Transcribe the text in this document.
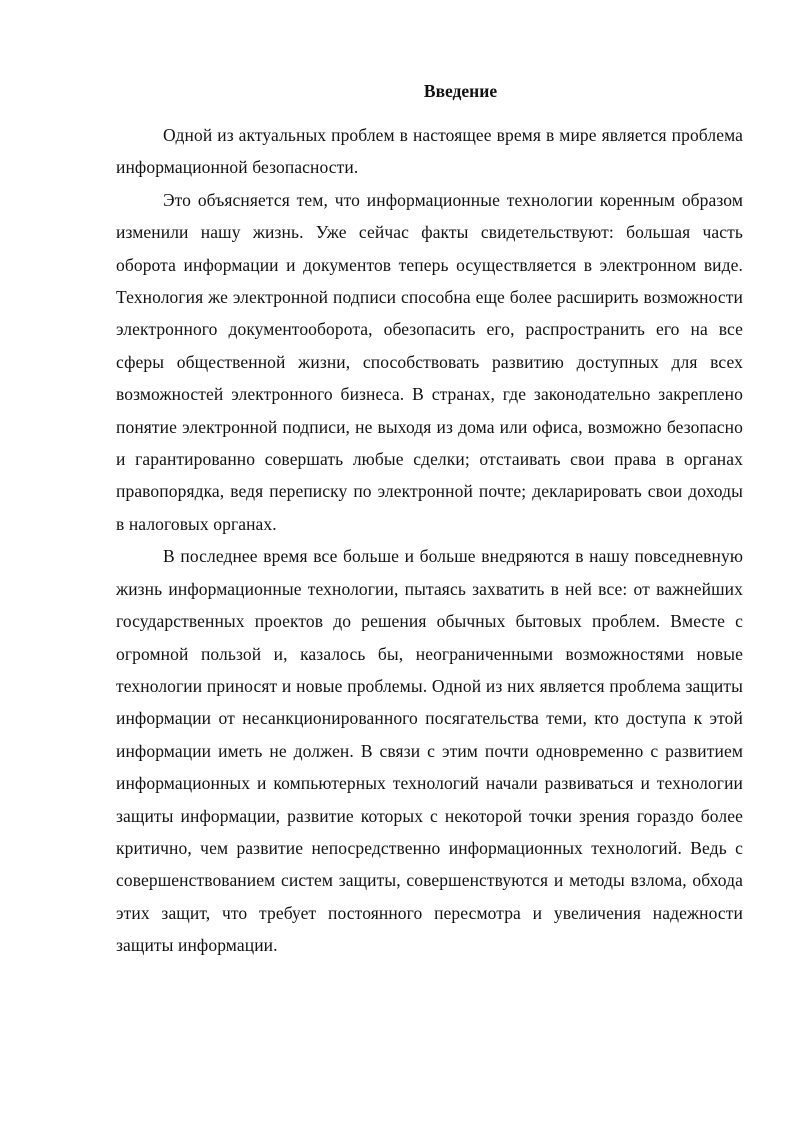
Введение

Одной из актуальных проблем в настоящее время в мире является проблема информационной безопасности.

Это объясняется тем, что информационные технологии коренным образом изменили нашу жизнь. Уже сейчас факты свидетельствуют: большая часть оборота информации и документов теперь осуществляется в электронном виде. Технология же электронной подписи способна еще более расширить возможности электронного документооборота, обезопасить его, распространить его на все сферы общественной жизни, способствовать развитию доступных для всех возможностей электронного бизнеса. В странах, где законодательно закреплено понятие электронной подписи, не выходя из дома или офиса, возможно безопасно и гарантированно совершать любые сделки; отстаивать свои права в органах правопорядка, ведя переписку по электронной почте; декларировать свои доходы в налоговых органах.

В последнее время все больше и больше внедряются в нашу повседневную жизнь информационные технологии, пытаясь захватить в ней все: от важнейших государственных проектов до решения обычных бытовых проблем. Вместе с огромной пользой и, казалось бы, неограниченными возможностями новые технологии приносят и новые проблемы. Одной из них является проблема защиты информации от несанкционированного посягательства теми, кто доступа к этой информации иметь не должен. В связи с этим почти одновременно с развитием информационных и компьютерных технологий начали развиваться и технологии защиты информации, развитие которых с некоторой точки зрения гораздо более критично, чем развитие непосредственно информационных технологий. Ведь с совершенствованием систем защиты, совершенствуются и методы взлома, обхода этих защит, что требует постоянного пересмотра и увеличения надежности защиты информации.
